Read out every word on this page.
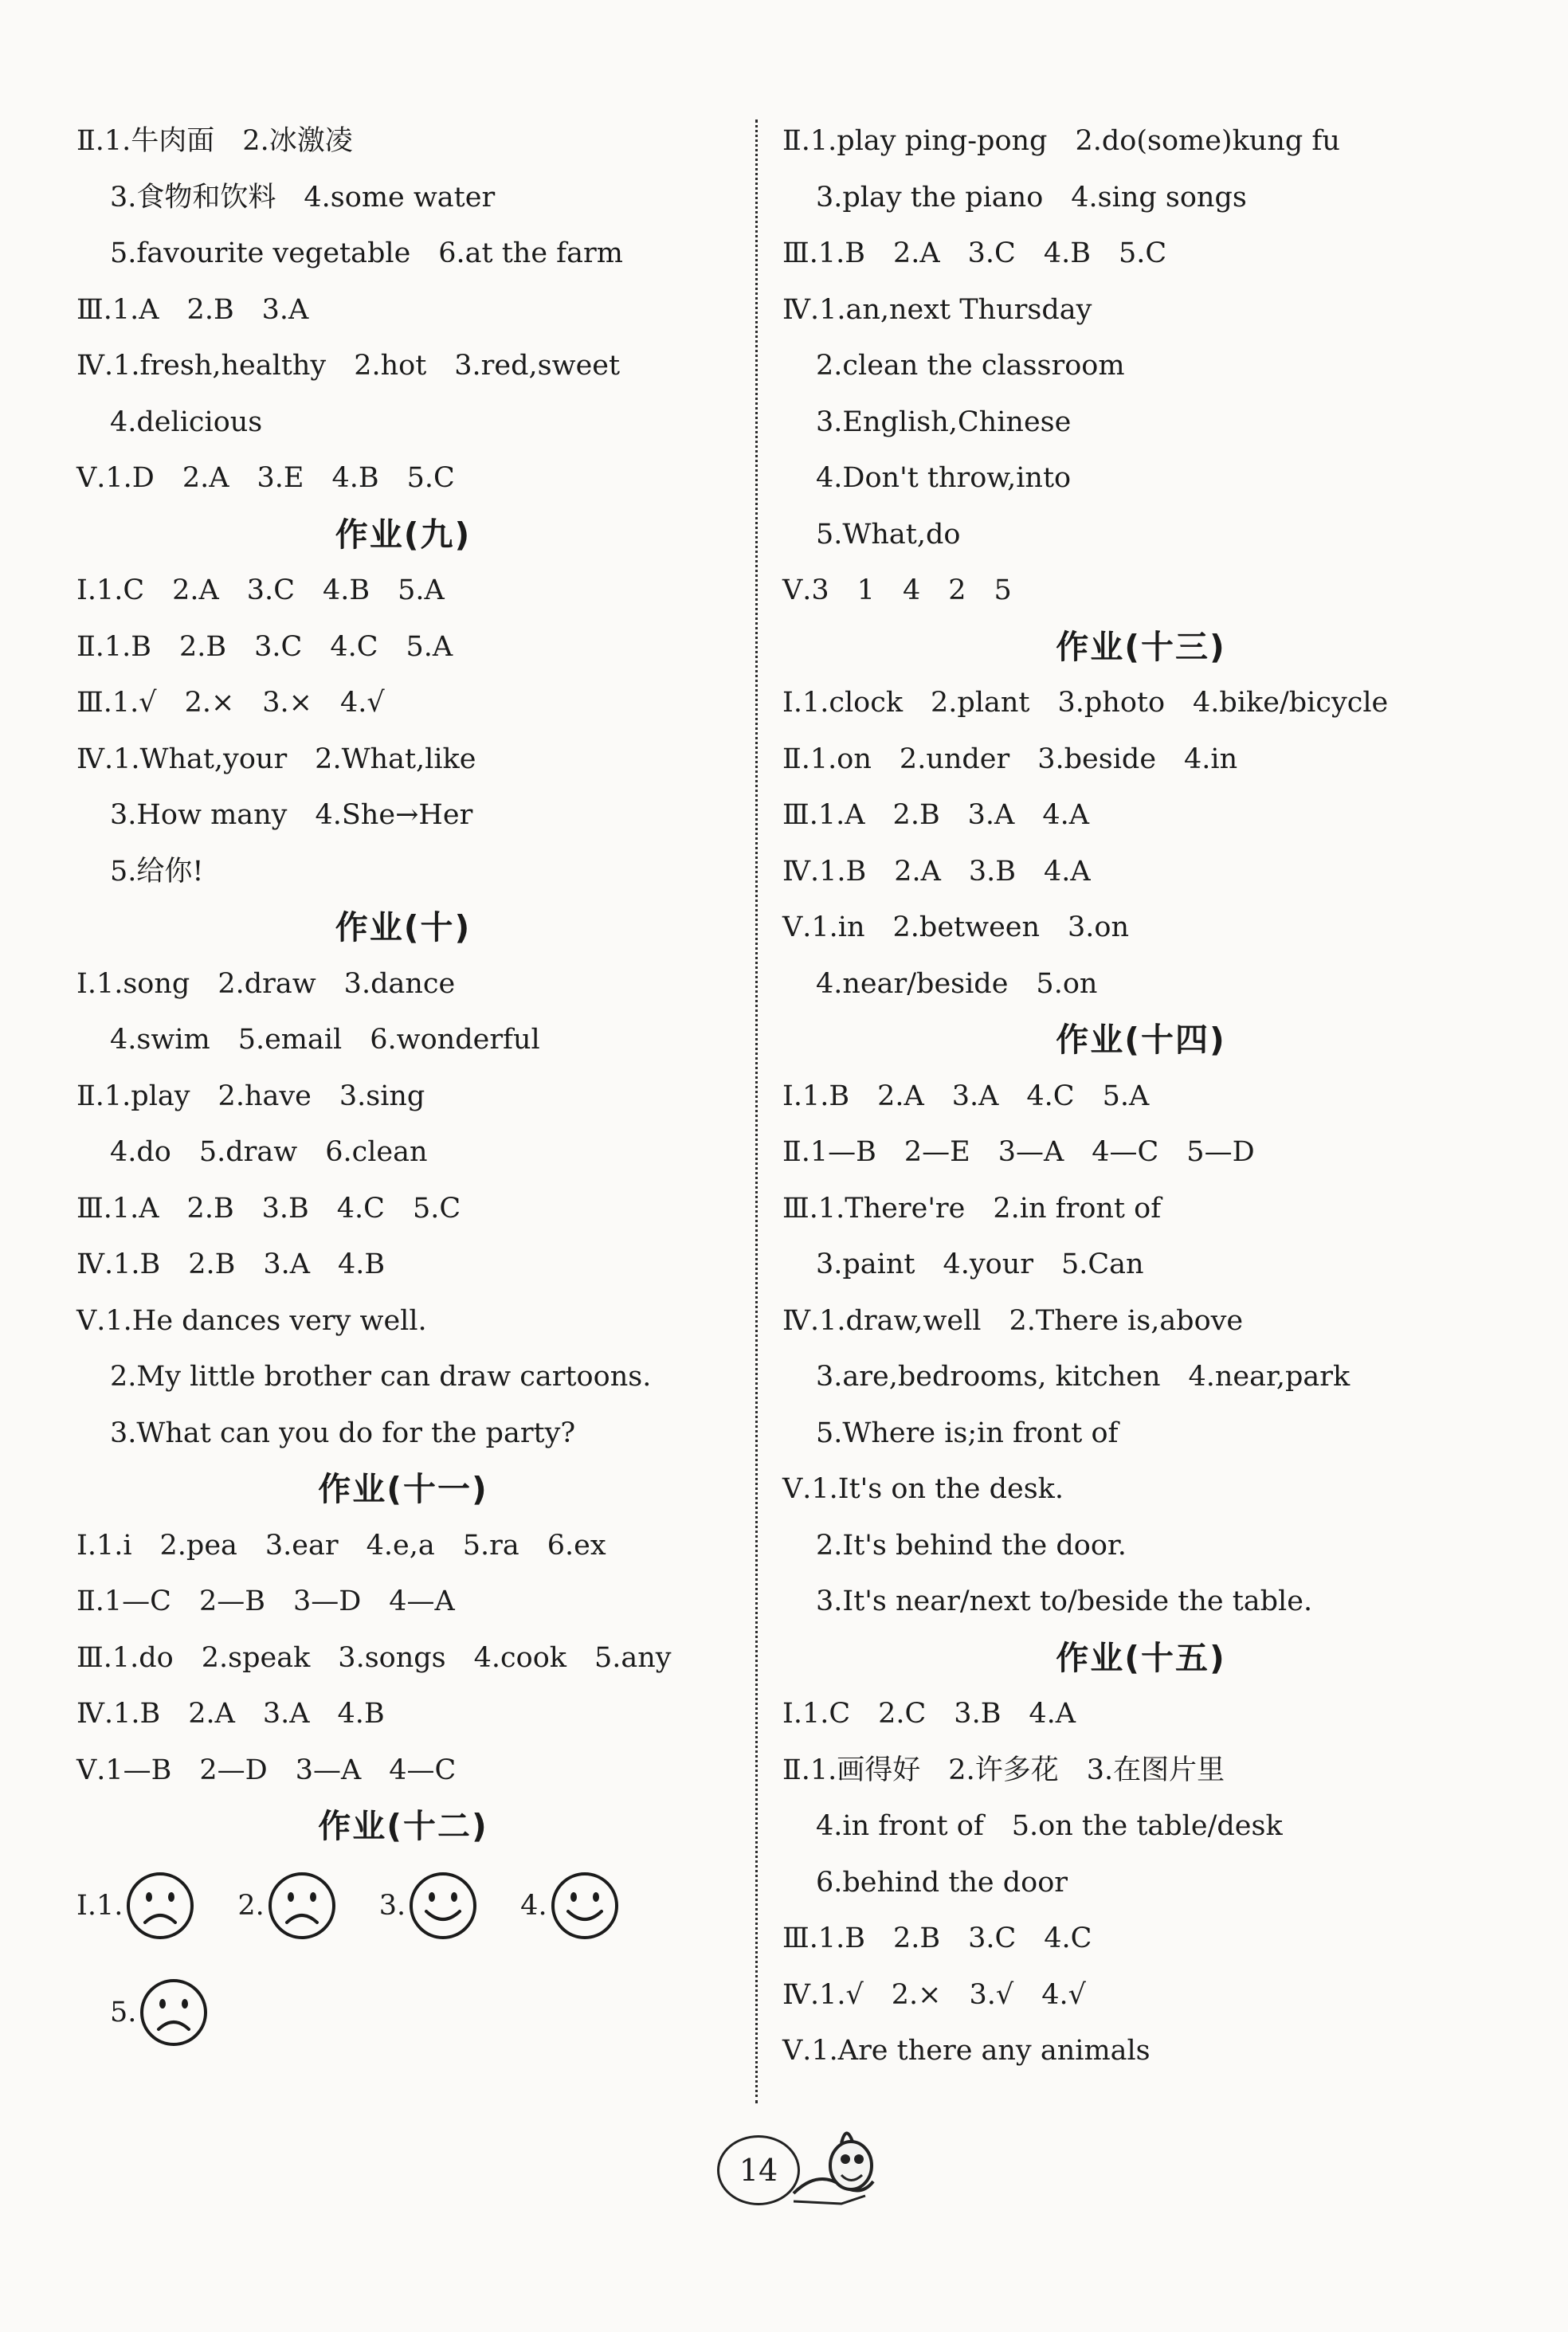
Ⅱ.1.牛肉面　2.冰激凌
3.食物和饮料　4.some water
5.favourite vegetable　6.at the farm
Ⅲ.1.A　2.B　3.A
Ⅳ.1.fresh,healthy　2.hot　3.red,sweet
4.delicious
Ⅴ.1.D　2.A　3.E　4.B　5.C
作业(九)
Ⅰ.1.C　2.A　3.C　4.B　5.A
Ⅱ.1.B　2.B　3.C　4.C　5.A
Ⅲ.1.√　2.×　3.×　4.√
Ⅳ.1.What,your　2.What,like
3.How many　4.She→Her
5.给你!
作业(十)
Ⅰ.1.song　2.draw　3.dance
4.swim　5.email　6.wonderful
Ⅱ.1.play　2.have　3.sing
4.do　5.draw　6.clean
Ⅲ.1.A　2.B　3.B　4.C　5.C
Ⅳ.1.B　2.B　3.A　4.B
Ⅴ.1.He dances very well.
2.My little brother can draw cartoons.
3.What can you do for the party?
作业(十一)
Ⅰ.1.i　2.pea　3.ear　4.e,a　5.ra　6.ex
Ⅱ.1—C　2—B　3—D　4—A
Ⅲ.1.do　2.speak　3.songs　4.cook　5.any
Ⅳ.1.B　2.A　3.A　4.B
Ⅴ.1—B　2—D　3—A　4—C
作业(十二)
Ⅰ. 1.	2.	3.	4.
5.
Ⅱ.1.play ping-pong　2.do(some)kung fu
3.play the piano　4.sing songs
Ⅲ.1.B　2.A　3.C　4.B　5.C
Ⅳ.1.an,next Thursday
2.clean the classroom
3.English,Chinese
4.Don't throw,into
5.What,do
Ⅴ.3　1　4　2　5
作业(十三)
Ⅰ.1.clock　2.plant　3.photo　4.bike/bicycle
Ⅱ.1.on　2.under　3.beside　4.in
Ⅲ.1.A　2.B　3.A　4.A
Ⅳ.1.B　2.A　3.B　4.A
Ⅴ.1.in　2.between　3.on
4.near/beside　5.on
作业(十四)
Ⅰ.1.B　2.A　3.A　4.C　5.A
Ⅱ.1—B　2—E　3—A　4—C　5—D
Ⅲ.1.There're　2.in front of
3.paint　4.your　5.Can
Ⅳ.1.draw,well　2.There is,above
3.are,bedrooms, kitchen　4.near,park
5.Where is;in front of
Ⅴ.1.It's on the desk.
2.It's behind the door.
3.It's near/next to/beside the table.
作业(十五)
Ⅰ.1.C　2.C　3.B　4.A
Ⅱ.1.画得好　2.许多花　3.在图片里
4.in front of　5.on the table/desk
6.behind the door
Ⅲ.1.B　2.B　3.C　4.C
Ⅳ.1.√　2.×　3.√　4.√
Ⅴ.1.Are there any animals
14
